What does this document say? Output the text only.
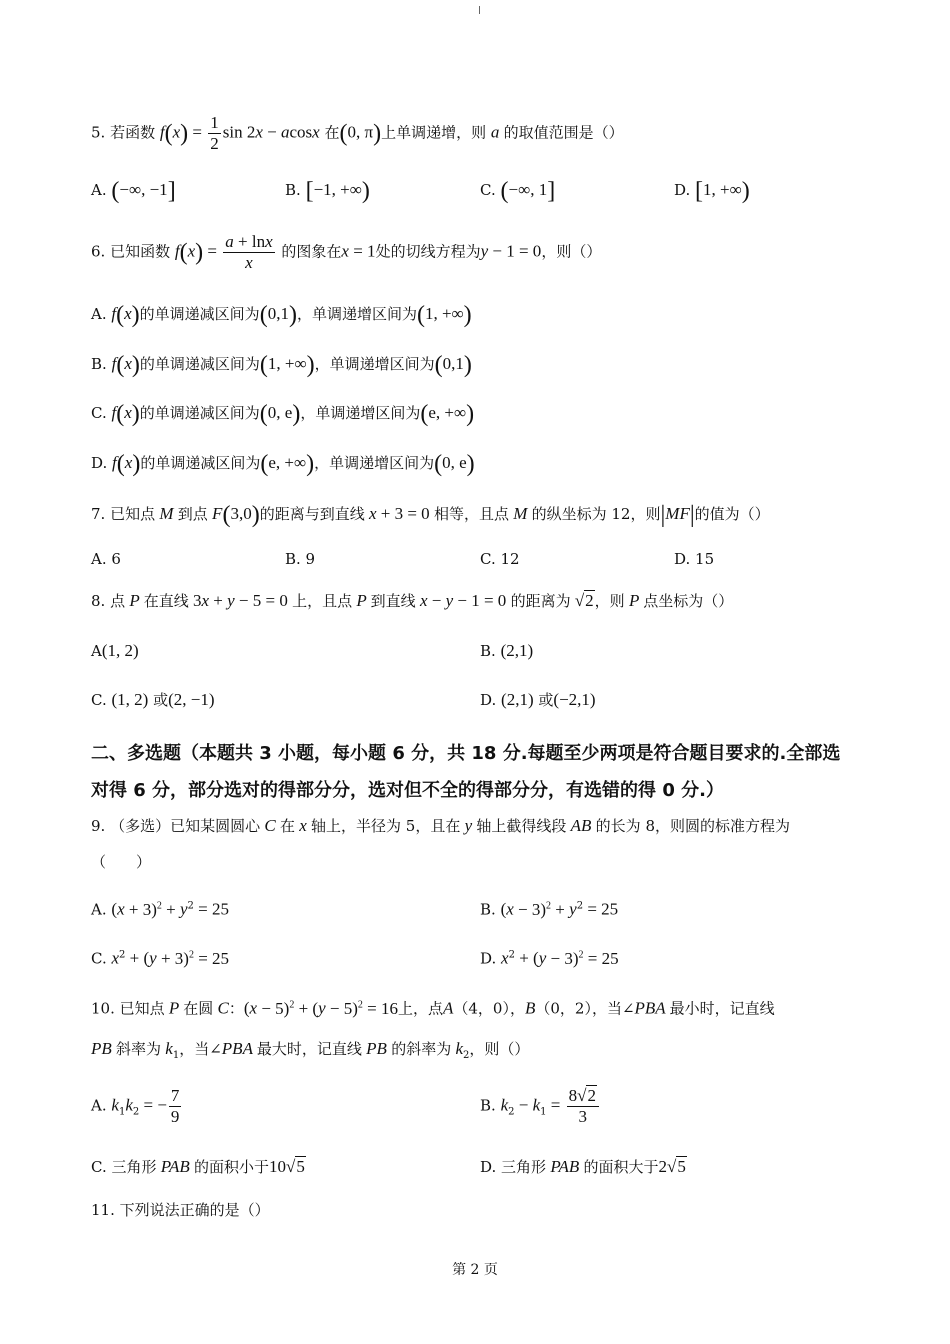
5. 若函数 $f(x) = \frac{1}{2}$ sin 2x − acosx 在(0, π)上单调递增，则 a 的取值范围是（）
A. (−∞, −1]	B. [−1, +∞)	C. (−∞, 1]	D. [1, +∞)
6. 已知函数 $f(x) = \frac{a + \ln x}{x}$ 的图象在x = 1处的切线方程为y − 1 = 0，则（）
A. f(x)的单调递减区间为(0,1)，单调递增区间为(1, +∞)
B. f(x)的单调递减区间为(1, +∞)，单调递增区间为(0,1)
C. f(x)的单调递减区间为(0, e)，单调递增区间为(e, +∞)
D. f(x)的单调递减区间为(e, +∞)，单调递增区间为(0, e)
7. 已知点 M 到点 F(3,0)的距离与到直线 x + 3 = 0 相等，且点 M 的纵坐标为 12，则|MF|的值为（）
A. 6	B. 9	C. 12	D. 15
8. 点 P 在直线 3x + y − 5 = 0 上，且点 P 到直线 x − y − 1 = 0 的距离为 √2，则 P 点坐标为（）
A(1, 2)	B. (2,1)
C. (1, 2) 或(2, −1)	D. (2,1) 或(−2,1)
二、多选题（本题共 3 小题，每小题 6 分，共 18 分.每题至少两项是符合题目要求的.全部选
对得 6 分，部分选对的得部分分，选对但不全的得部分分，有选错的得 0 分.）
9. （多选）已知某圆圆心 C 在 x 轴上，半径为 5，且在 y 轴上截得线段 AB 的长为 8，则圆的标准方程为
（　　）
A. $(x + 3)^2 + y^2 = 25$	B. $(x - 3)^2 + y^2 = 25$
C. $x^2 + (y + 3)^2 = 25$	D. $x^2 + (y - 3)^2 = 25$
10. 已知点 P 在圆 C：$(x - 5)^2 + (y - 5)^2 = 16$上，点A（4，0），B（0，2），当∠PBA 最小时，记直线
PB 斜率为 $k_1$，当∠PBA 最大时，记直线 PB 的斜率为 $k_2$，则（）
A. $k_1k_2$ = − $\frac{7}{9}$	B. $k_2 - k_1 = \frac{8√2}{3}$
C. 三角形 PAB 的面积小于10√5	D. 三角形 PAB 的面积大于2√5
11. 下列说法正确的是（）
第 2 页
